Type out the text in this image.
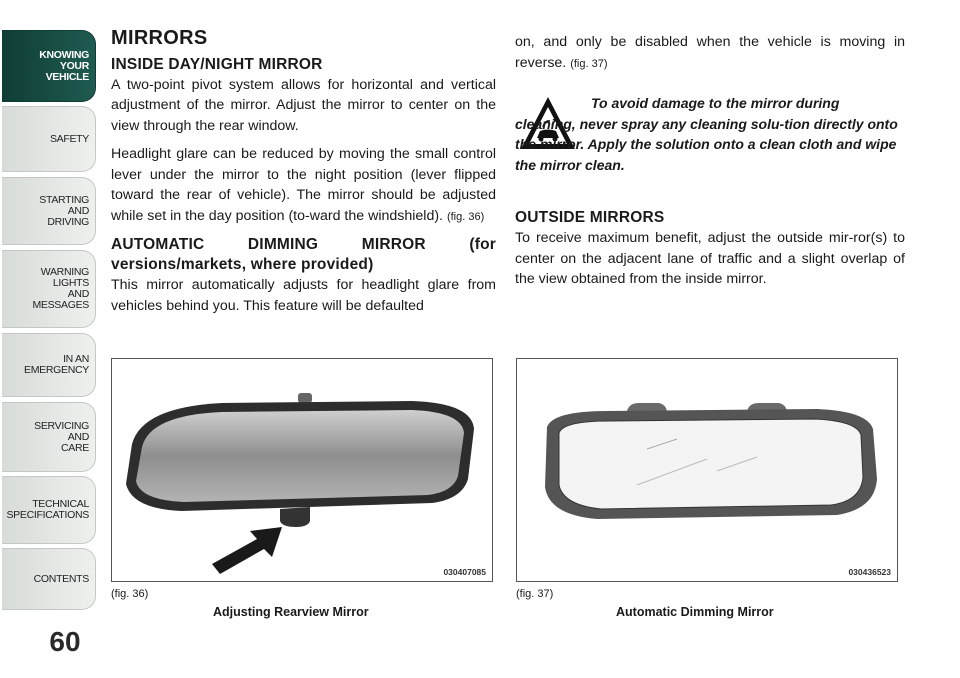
KNOWING
YOUR
VEHICLE
SAFETY
STARTING
AND
DRIVING
WARNING
LIGHTS
AND
MESSAGES
IN AN
EMERGENCY
SERVICING
AND
CARE
TECHNICAL
SPECIFICATIONS
CONTENTS
60
MIRRORS
INSIDE DAY/NIGHT MIRROR

A two-point pivot system allows for horizontal and vertical adjustment of the mirror. Adjust the mirror to center on the view through the rear window.

Headlight glare can be reduced by moving the small control lever under the mirror to the night position (lever flipped toward the rear of vehicle). The mirror should be adjusted while set in the day position (to-ward the windshield). (fig. 36)

AUTOMATIC DIMMING MIRROR (for versions/markets, where provided)

This mirror automatically adjusts for headlight glare from vehicles behind you. This feature will be defaulted

on, and only be disabled when the vehicle is moving in reverse. (fig. 37)

To avoid damage to the mirror during cleaning, never spray any cleaning solu-tion directly onto the mirror. Apply the solution onto a clean cloth and wipe the mirror clean.
OUTSIDE MIRRORS

To receive maximum benefit, adjust the outside mir-ror(s) to center on the adjacent lane of traffic and a slight overlap of the view obtained from the inside mirror.

030407085
(fig. 36)
Adjusting Rearview Mirror
030436523
(fig. 37)
Automatic Dimming Mirror
